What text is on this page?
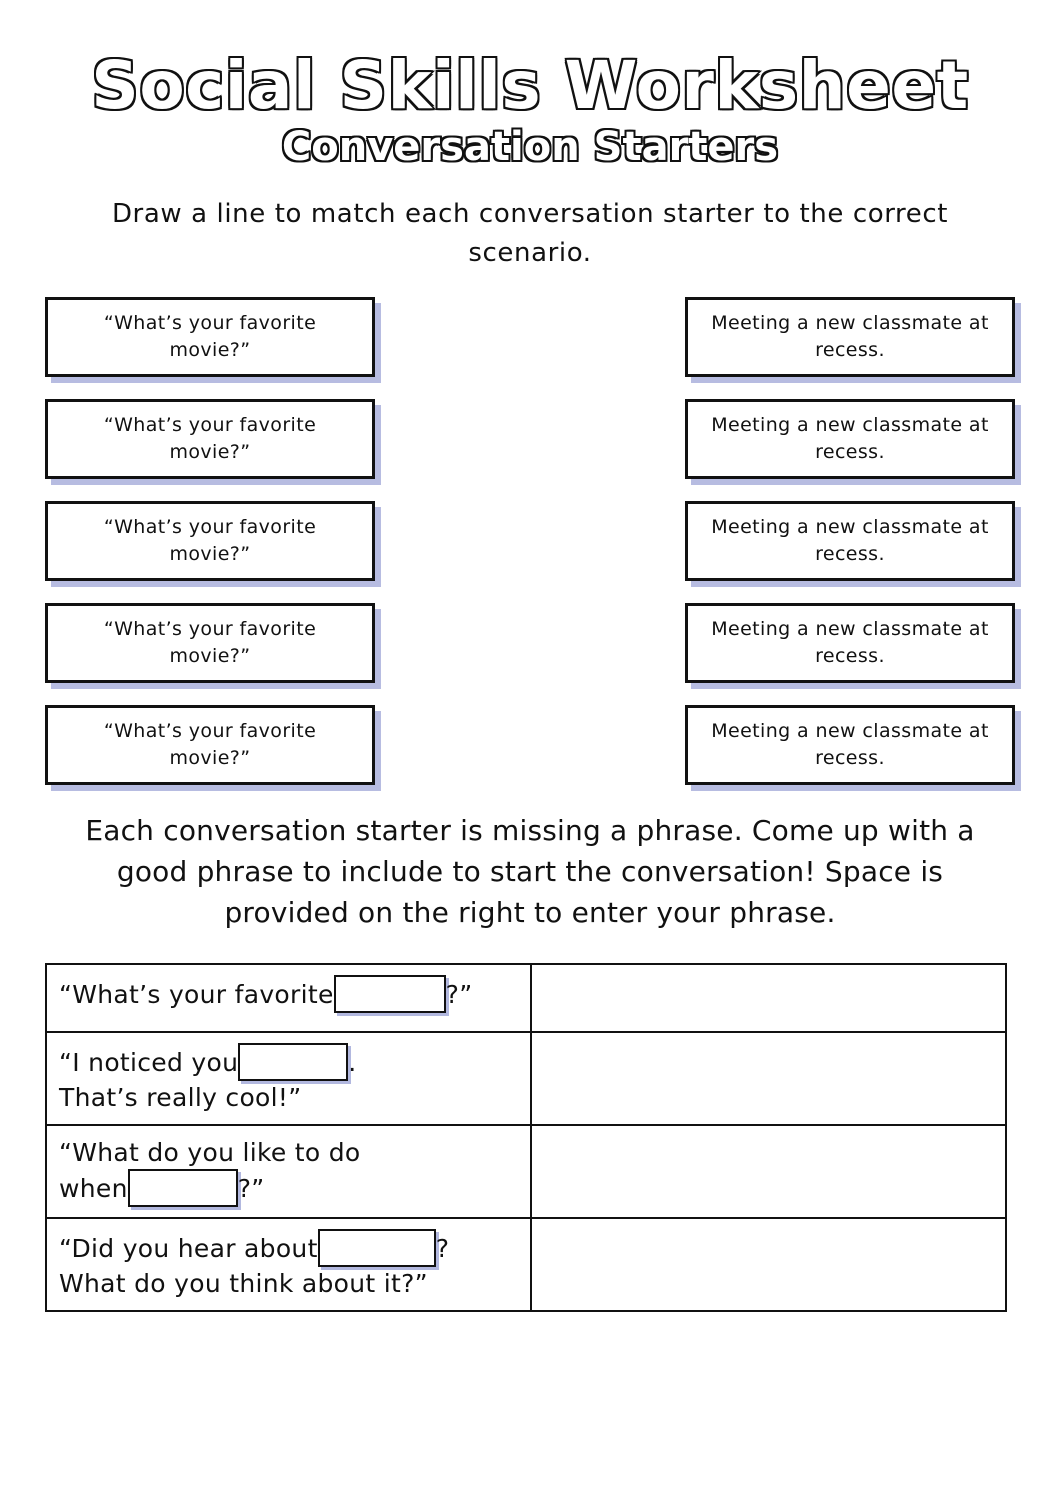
Social Skills Worksheet
Conversation Starters
Draw a line to match each conversation starter to the correct scenario.
“What’s your favorite movie?”
“What’s your favorite movie?”
“What’s your favorite movie?”
“What’s your favorite movie?”
“What’s your favorite movie?”
Meeting a new classmate at recess.
Meeting a new classmate at recess.
Meeting a new classmate at recess.
Meeting a new classmate at recess.
Meeting a new classmate at recess.
Each conversation starter is missing a phrase. Come up with a good phrase to include to start the conversation! Space is provided on the right to enter your phrase.
“What’s your favorite ?”	

“I noticed you .
That’s really cool!”	

“What do you like to do
when ?”	

“Did you hear about ?
What do you think about it?”	
